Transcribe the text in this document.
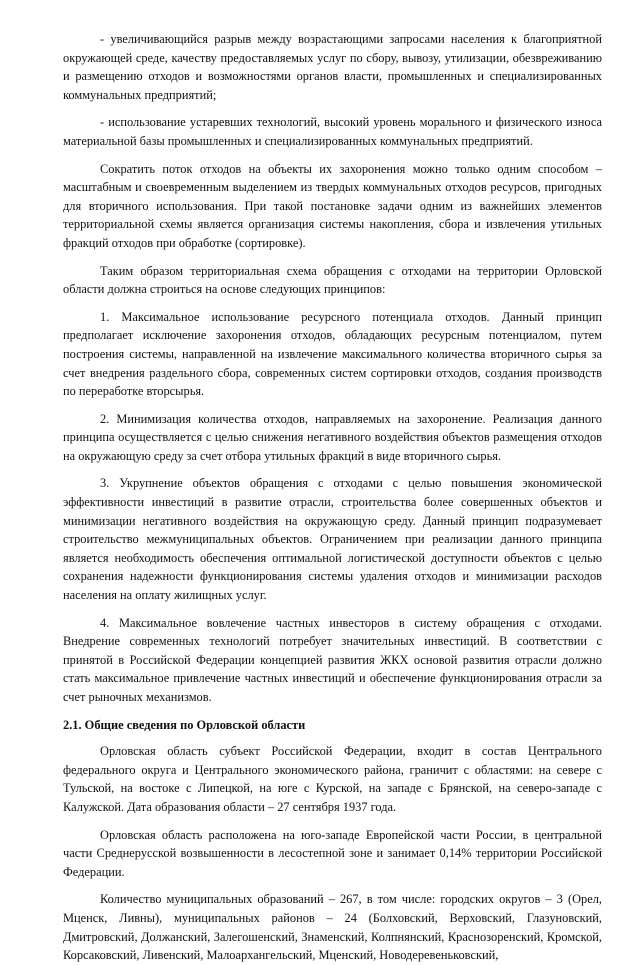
- увеличивающийся разрыв между возрастающими запросами населения к благоприятной окружающей среде, качеству предоставляемых услуг по сбору, вывозу, утилизации, обезвреживанию и размещению отходов и возможностями органов власти, промышленных и специализированных коммунальных предприятий;

- использование устаревших технологий, высокий уровень морального и физического износа материальной базы промышленных и специализированных коммунальных предприятий.

Сократить поток отходов на объекты их захоронения можно только одним способом – масштабным и своевременным выделением из твердых коммунальных отходов ресурсов, пригодных для вторичного использования. При такой постановке задачи одним из важнейших элементов территориальной схемы является организация системы накопления, сбора и извлечения утильных фракций отходов при обработке (сортировке).

Таким образом территориальная схема обращения с отходами на территории Орловской области должна строиться на основе следующих принципов:

1. Максимальное использование ресурсного потенциала отходов. Данный принцип предполагает исключение захоронения отходов, обладающих ресурсным потенциалом, путем построения системы, направленной на извлечение максимального количества вторичного сырья за счет внедрения раздельного сбора, современных систем сортировки отходов, создания производств по переработке вторсырья.

2. Минимизация количества отходов, направляемых на захоронение. Реализация данного принципа осуществляется с целью снижения негативного воздействия объектов размещения отходов на окружающую среду за счет отбора утильных фракций в виде вторичного сырья.

3. Укрупнение объектов обращения с отходами с целью повышения экономической эффективности инвестиций в развитие отрасли, строительства более совершенных объектов и минимизации негативного воздействия на окружающую среду. Данный принцип подразумевает строительство межмуниципальных объектов. Ограничением при реализации данного принципа является необходимость обеспечения оптимальной логистической доступности объектов с целью сохранения надежности функционирования системы удаления отходов и минимизации расходов населения на оплату жилищных услуг.

4. Максимальное вовлечение частных инвесторов в систему обращения с отходами. Внедрение современных технологий потребует значительных инвестиций. В соответствии с принятой в Российской Федерации концепцией развития ЖКХ основой развития отрасли должно стать максимальное привлечение частных инвестиций и обеспечение функционирования отрасли за счет рыночных механизмов.

2.1. Общие сведения по Орловской области

Орловская область субъект Российской Федерации, входит в состав Центрального федерального округа и Центрального экономического района, граничит с областями: на севере с Тульской, на востоке с Липецкой, на юге с Курской, на западе с Брянской, на северо-западе с Калужской. Дата образования области – 27 сентября 1937 года.

Орловская область расположена на юго-западе Европейской части России, в центральной части Среднерусской возвышенности в лесостепной зоне и занимает 0,14% территории Российской Федерации.

Количество муниципальных образований – 267, в том числе: городских округов – 3 (Орел, Мценск, Ливны), муниципальных районов – 24 (Болховский, Верховский, Глазуновский, Дмитровский, Должанский, Залегошенский, Знаменский, Колпнянский, Краснозоренский, Кромской, Корсаковский, Ливенский, Малоархангельский, Мценский, Новодеревеньковский,
